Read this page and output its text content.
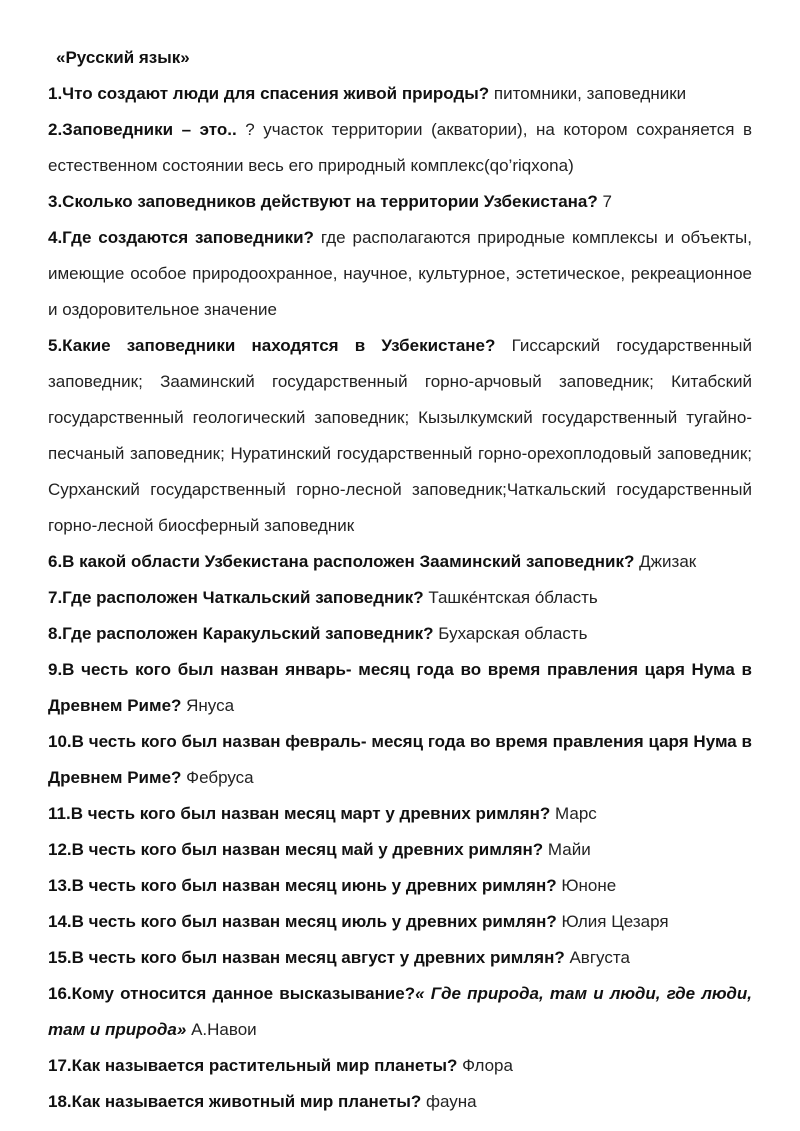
«Русский язык»

1.Что создают люди для спасения живой природы? питомники, заповедники

2.Заповедники – это.. ? участок территории (акватории), на котором сохраняется в естественном состоянии весь его природный комплекс(qo’riqxona)

3.Сколько заповедников действуют на территории Узбекистана? 7

4.Где создаются заповедники? где располагаются природные комплексы и объекты, имеющие особое природоохранное, научное, культурное, эстетическое, рекреационное и оздоровительное значение

5.Какие заповедники находятся в Узбекистане? Гиссарский государственный заповедник; Зааминский государственный горно-арчовый заповедник; Китабский государственный геологический заповедник; Кызылкумский государственный тугайно-песчаный заповедник; Нуратинский государственный горно-орехоплодовый заповедник; Сурханский государственный горно-лесной заповедник;Чаткальский государственный горно-лесной биосферный заповедник

6.В какой области Узбекистана расположен Зааминский заповедник? Джизак

7.Где расположен Чаткальский заповедник? Ташке́нтская о́бласть

8.Где расположен Каракульский заповедник? Бухарская область

9.В честь кого был назван январь- месяц года во время правления царя Нума в Древнем Риме? Януса

10.В честь кого был назван февраль- месяц года во время правления царя Нума в Древнем Риме? Фебруса

11.В честь кого был назван месяц март у древних римлян? Марс

12.В честь кого был назван месяц май у древних римлян? Майи

13.В честь кого был назван месяц июнь у древних римлян? Юноне

14.В честь кого был назван месяц июль у древних римлян? Юлия Цезаря

15.В честь кого был назван месяц август у древних римлян? Августа

16.Кому относится данное высказывание?« Где природа, там и люди, где люди, там и природа» А.Навои

17.Как называется растительный мир планеты? Флора

18.Как называется животный мир планеты? фауна
